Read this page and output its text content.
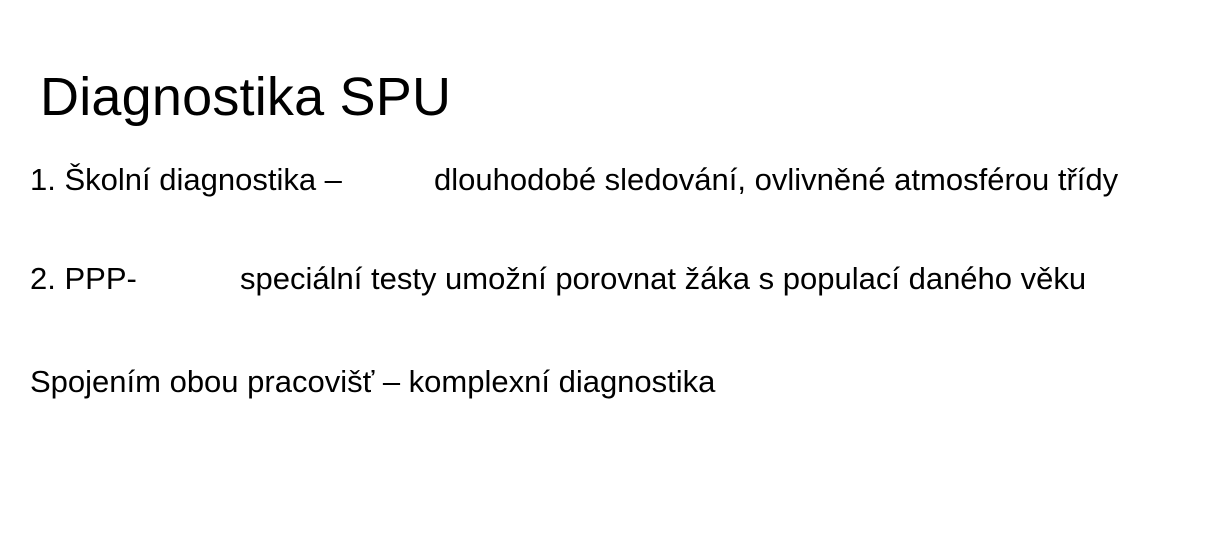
Diagnostika SPU
1. Školní diagnostika –	dlouhodobé sledování, ovlivněné atmosférou třídy
2. PPP-	speciální testy umožní porovnat žáka s populací daného věku
Spojením obou pracovišť – komplexní diagnostika
